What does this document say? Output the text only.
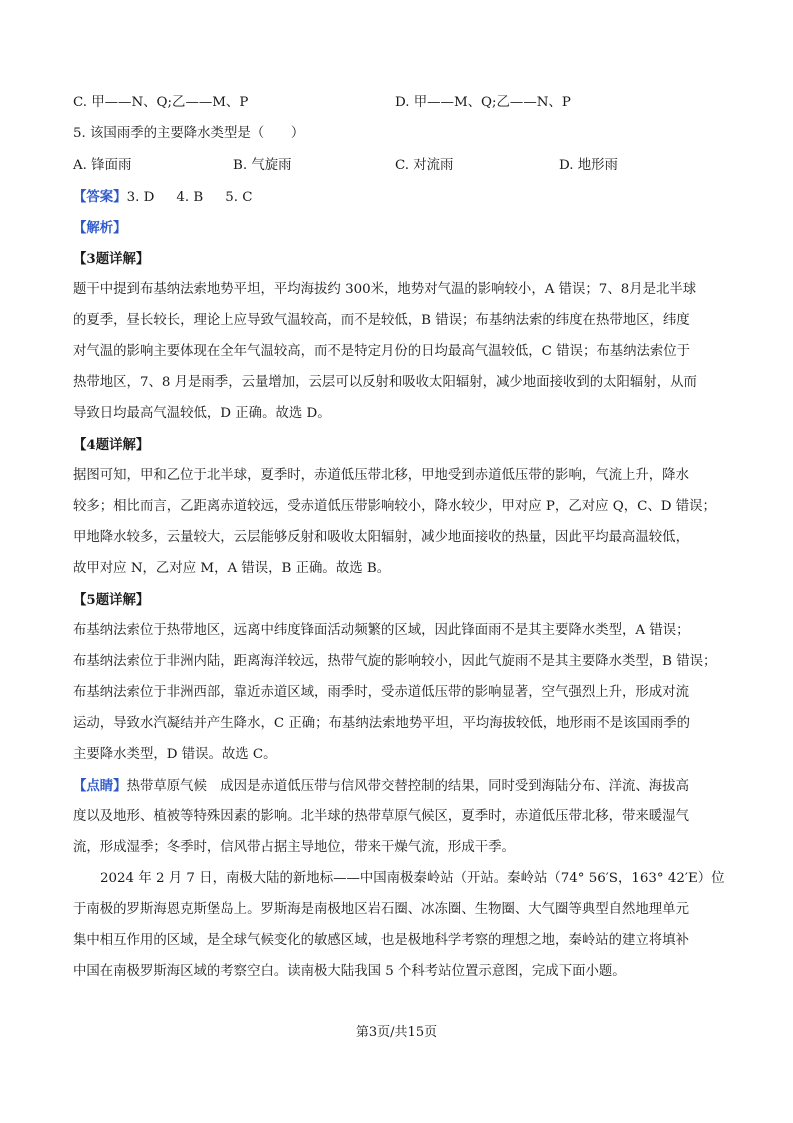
C. 甲——N、Q;乙——M、P	D. 甲——M、Q;乙——N、P
5. 该国雨季的主要降水类型是（　　）
A. 锋面雨	B. 气旋雨	C. 对流雨	D. 地形雨
【答案】3. D 4. B 5. C
【解析】
【3题详解】
题干中提到布基纳法索地势平坦，平均海拔约 300米，地势对气温的影响较小，A 错误；7、8月是北半球
的夏季，昼长较长，理论上应导致气温较高，而不是较低，B 错误；布基纳法索的纬度在热带地区，纬度
对气温的影响主要体现在全年气温较高，而不是特定月份的日均最高气温较低，C 错误；布基纳法索位于
热带地区，7、8 月是雨季，云量增加，云层可以反射和吸收太阳辐射，减少地面接收到的太阳辐射，从而
导致日均最高气温较低，D 正确。故选 D。
【4题详解】
据图可知，甲和乙位于北半球，夏季时，赤道低压带北移，甲地受到赤道低压带的影响，气流上升，降水
较多；相比而言，乙距离赤道较远，受赤道低压带影响较小，降水较少，甲对应 P，乙对应 Q，C、D 错误；
甲地降水较多，云量较大，云层能够反射和吸收太阳辐射，减少地面接收的热量，因此平均最高温较低，
故甲对应 N，乙对应 M，A 错误，B 正确。故选 B。
【5题详解】
布基纳法索位于热带地区，远离中纬度锋面活动频繁的区域，因此锋面雨不是其主要降水类型，A 错误；
布基纳法索位于非洲内陆，距离海洋较远，热带气旋的影响较小，因此气旋雨不是其主要降水类型，B 错误；
布基纳法索位于非洲西部，靠近赤道区域，雨季时，受赤道低压带的影响显著，空气强烈上升，形成对流
运动，导致水汽凝结并产生降水，C 正确；布基纳法索地势平坦，平均海拔较低，地形雨不是该国雨季的
主要降水类型，D 错误。故选 C。
【点睛】热带草原气候　成因是赤道低压带与信风带交替控制的结果，同时受到海陆分布、洋流、海拔高
度以及地形、植被等特殊因素的影响。北半球的热带草原气候区，夏季时，赤道低压带北移，带来暖湿气
流，形成湿季；冬季时，信风带占据主导地位，带来干燥气流，形成干季。
2024 年 2 月 7 日，南极大陆的新地标——中国南极秦岭站（开站。秦岭站（74° 56′S，163° 42′E）位
于南极的罗斯海恩克斯堡岛上。罗斯海是南极地区岩石圈、冰冻圈、生物圈、大气圈等典型自然地理单元
集中相互作用的区域，是全球气候变化的敏感区域，也是极地科学考察的理想之地，秦岭站的建立将填补
中国在南极罗斯海区域的考察空白。读南极大陆我国 5 个科考站位置示意图，完成下面小题。
第3页/共15页
